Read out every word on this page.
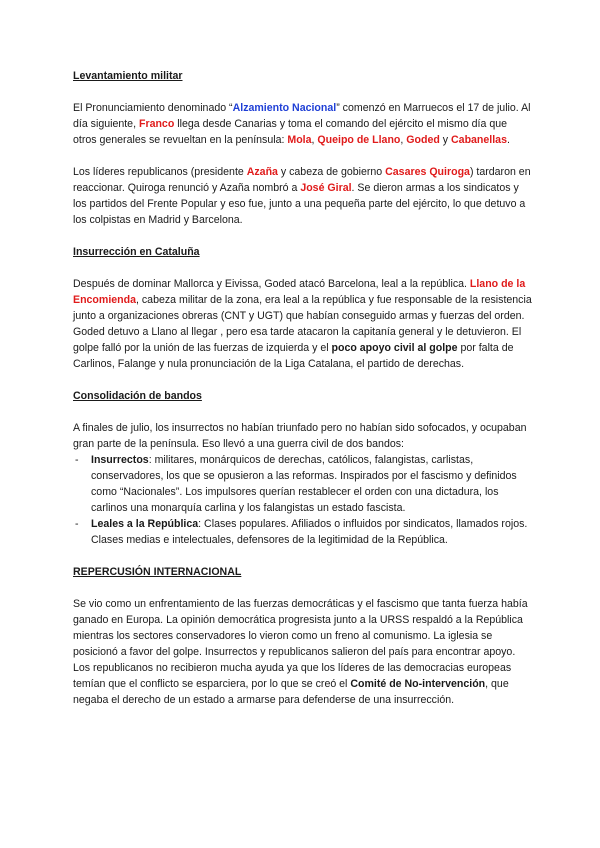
Levantamiento militar

El Pronunciamiento denominado “Alzamiento Nacional” comenzó en Marruecos el 17 de julio. Al día siguiente, Franco llega desde Canarias y toma el comando del ejército el mismo día que otros generales se revueltan en la península: Mola, Queipo de Llano, Goded y Cabanellas.

Los líderes republicanos (presidente Azaña y cabeza de gobierno Casares Quiroga) tardaron en reaccionar. Quiroga renunció y Azaña nombró a José Giral. Se dieron armas a los sindicatos y los partidos del Frente Popular y eso fue, junto a una pequeña parte del ejército, lo que detuvo a los colpistas en Madrid y Barcelona.

Insurrección en Cataluña

Después de dominar Mallorca y Eivissa, Goded atacó Barcelona, leal a la república. Llano de la Encomienda, cabeza militar de la zona, era leal a la república y fue responsable de la resistencia junto a organizaciones obreras (CNT y UGT) que habían conseguido armas y fuerzas del orden. Goded detuvo a Llano al llegar , pero esa tarde atacaron la capitanía general y le detuvieron. El golpe falló por la unión de las fuerzas de izquierda y el poco apoyo civil al golpe por falta de Carlinos, Falange y nula pronunciación de la Liga Catalana, el partido de derechas.

Consolidación de bandos

A finales de julio, los insurrectos no habían triunfado pero no habían sido sofocados, y ocupaban gran parte de la península. Eso llevó a una guerra civil de dos bandos:

- Insurrectos: militares, monárquicos de derechas, católicos, falangistas, carlistas, conservadores, los que se opusieron a las reformas. Inspirados por el fascismo y definidos como “Nacionales”. Los impulsores querían restablecer el orden con una dictadura, los carlinos una monarquía carlina y los falangistas un estado fascista.
- Leales a la República: Clases populares. Afiliados o influidos por sindicatos, llamados rojos. Clases medias e intelectuales, defensores de la legitimidad de la República.
REPERCUSIÓN INTERNACIONAL

Se vio como un enfrentamiento de las fuerzas democráticas y el fascismo que tanta fuerza había ganado en Europa. La opinión democrática progresista junto a la URSS respaldó a la República mientras los sectores conservadores lo vieron como un freno al comunismo. La iglesia se posicionó a favor del golpe. Insurrectos y republicanos salieron del país para encontrar apoyo. Los republicanos no recibieron mucha ayuda ya que los líderes de las democracias europeas temían que el conflicto se esparciera, por lo que se creó el Comité de No-intervención, que negaba el derecho de un estado a armarse para defenderse de una insurrección.
